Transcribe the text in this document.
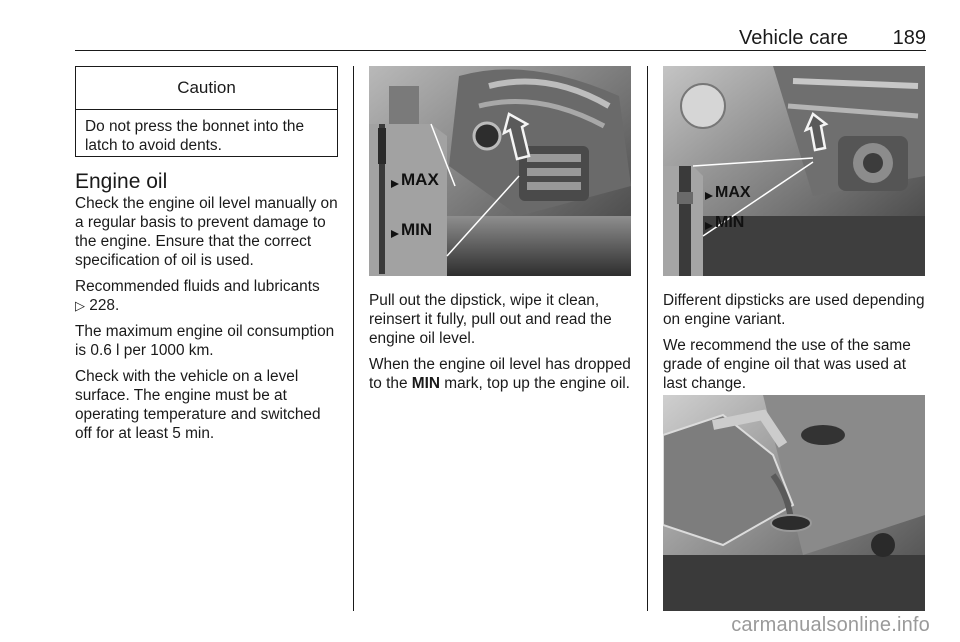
Vehicle care 189
Caution
Do not press the bonnet into the latch to avoid dents.
Engine oil

Check the engine oil level manually on a regular basis to prevent damage to the engine. Ensure that the correct specification of oil is used.

Recommended fluids and lubricants
▷ 228.

The maximum engine oil consumption is 0.6 l per 1000 km.

Check with the vehicle on a level surface. The engine must be at operating temperature and switched off for at least 5 min.

MAX
MIN

Pull out the dipstick, wipe it clean, reinsert it fully, pull out and read the engine oil level.

When the engine oil level has dropped to the MIN mark, top up the engine oil.

MAX
MIN

Different dipsticks are used depending on engine variant.

We recommend the use of the same grade of engine oil that was used at last change.

carmanualsonline.info
